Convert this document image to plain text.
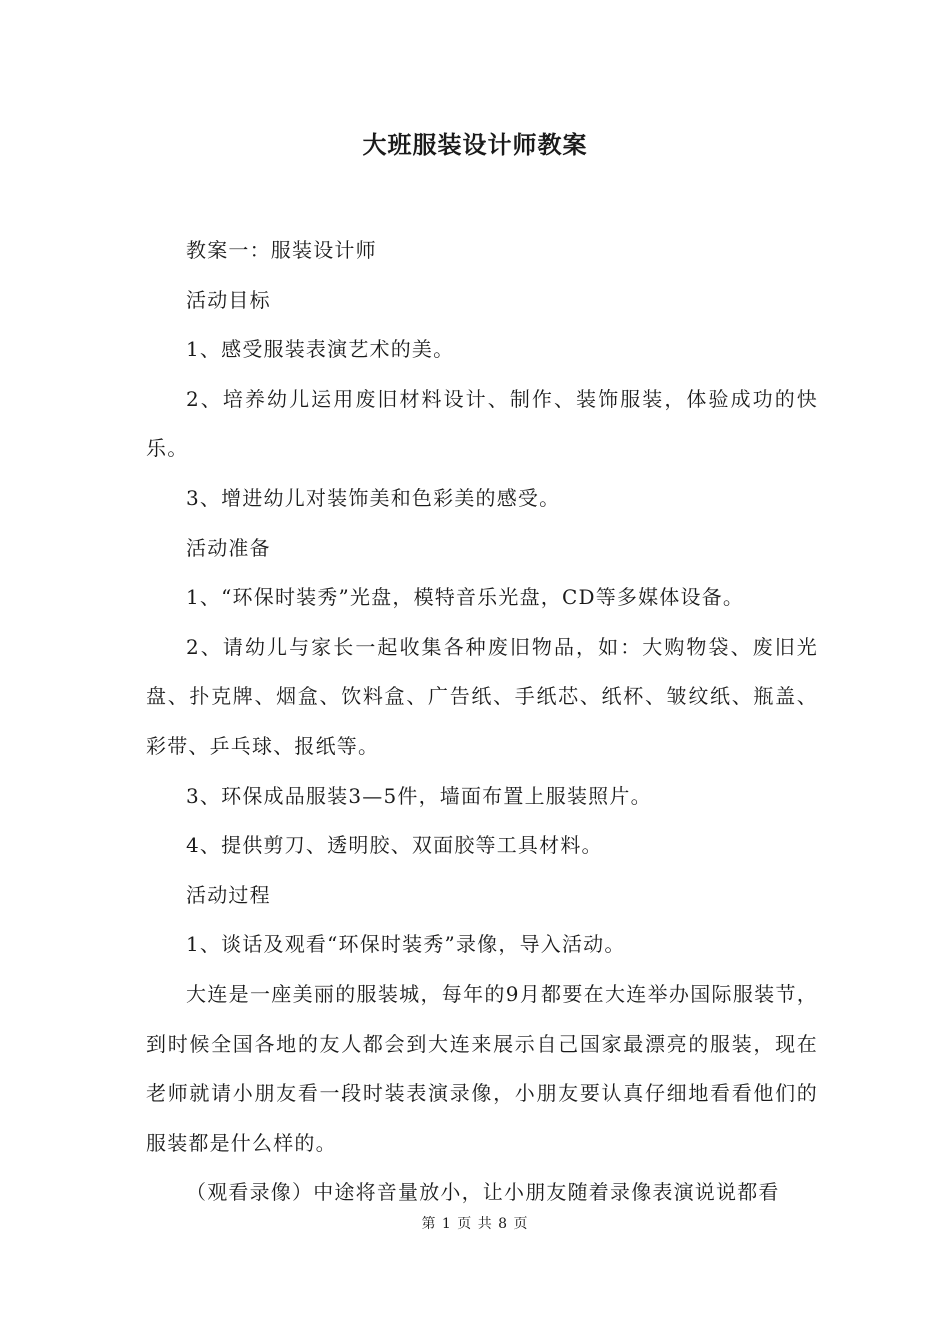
大班服装设计师教案

教案一：服装设计师

活动目标

1、感受服装表演艺术的美。

2、培养幼儿运用废旧材料设计、制作、装饰服装，体验成功的快乐。

3、增进幼儿对装饰美和色彩美的感受。

活动准备

1、“环保时装秀”光盘，模特音乐光盘，CD等多媒体设备。

2、请幼儿与家长一起收集各种废旧物品，如：大购物袋、废旧光盘、扑克牌、烟盒、饮料盒、广告纸、手纸芯、纸杯、皱纹纸、瓶盖、彩带、乒乓球、报纸等。

3、环保成品服装3—5件，墙面布置上服装照片。

4、提供剪刀、透明胶、双面胶等工具材料。

活动过程

1、谈话及观看“环保时装秀”录像，导入活动。

大连是一座美丽的服装城，每年的9月都要在大连举办国际服装节，到时候全国各地的友人都会到大连来展示自己国家最漂亮的服装，现在老师就请小朋友看一段时装表演录像，小朋友要认真仔细地看看他们的服装都是什么样的。

（观看录像）中途将音量放小，让小朋友随着录像表演说说都看

第 1 页 共 8 页
